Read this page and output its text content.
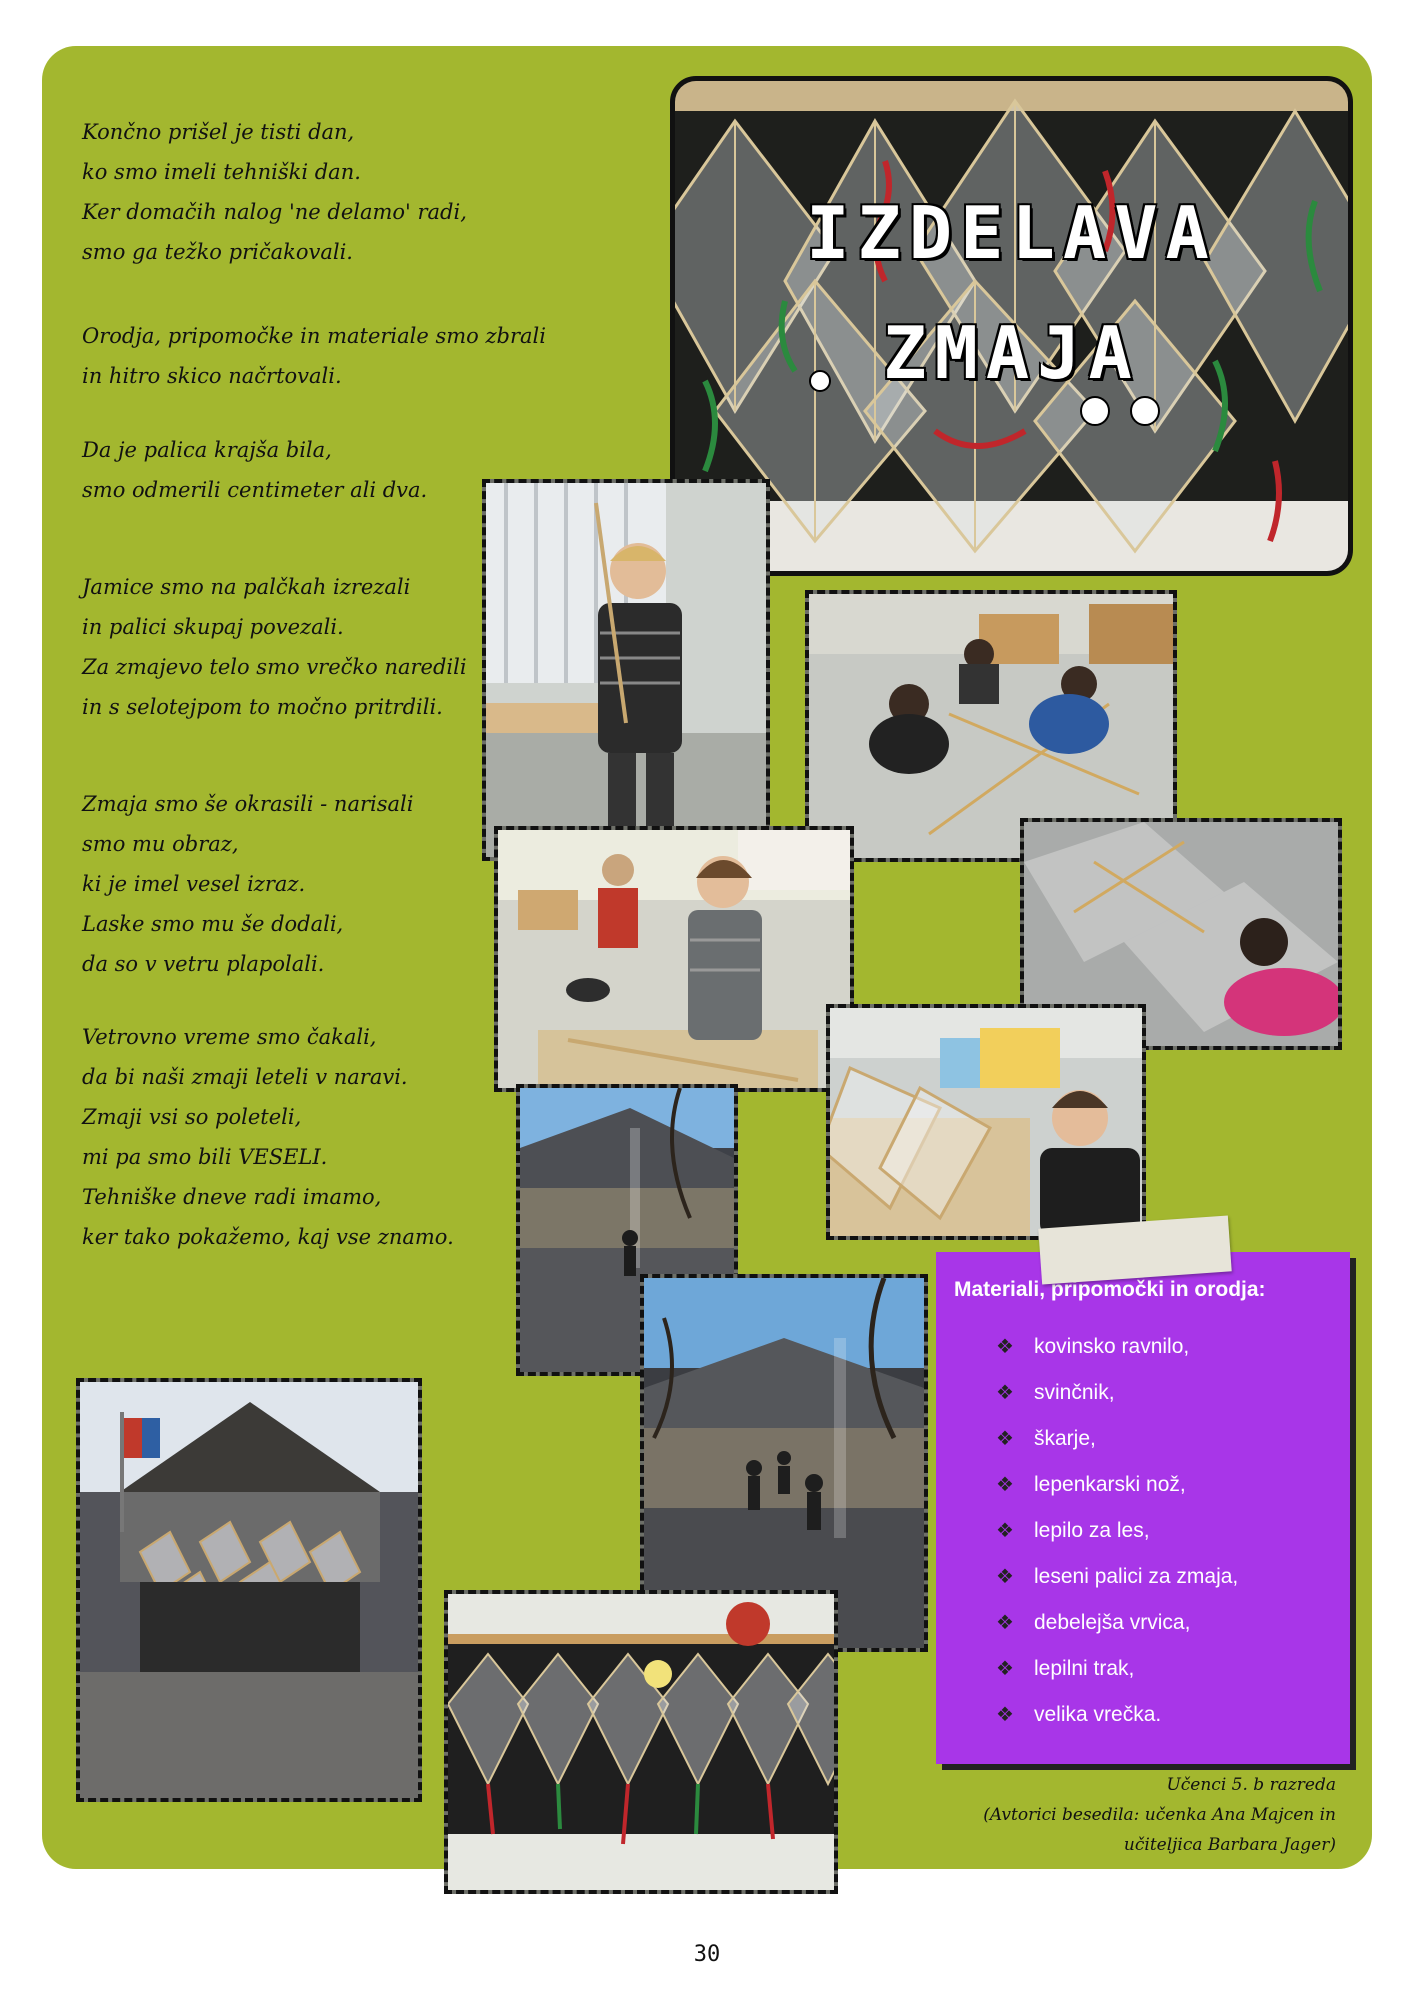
Končno prišel je tisti dan,

ko smo imeli tehniški dan.

Ker domačih nalog 'ne delamo' radi,

smo ga težko pričakovali.

Orodja, pripomočke in materiale smo zbrali

in hitro skico načrtovali.

Da je palica krajša bila,

smo odmerili centimeter ali dva.

Jamice smo na palčkah izrezali

in palici skupaj povezali.

Za zmajevo telo smo vrečko naredili

in s selotejpom to močno pritrdili.

Zmaja smo še okrasili - narisali

smo mu obraz,

ki je imel vesel izraz.

Laske smo mu še dodali,

da so v vetru plapolali.

Vetrovno vreme smo čakali,

da bi naši zmaji leteli v naravi.

Zmaji vsi so poleteli,

mi pa smo bili VESELI.

Tehniške dneve radi imamo,

ker tako pokažemo, kaj vse znamo.

IZDELAVA
ZMAJA
Materiali, pripomočki in orodja:
❖ kovinsko ravnilo,
❖ svinčnik,
❖ škarje,
❖ lepenkarski nož,
❖ lepilo za les,
❖ leseni palici za zmaja,
❖ debelejša vrvica,
❖ lepilni trak,
❖ velika vrečka.

Učenci 5. b razreda

(Avtorici besedila: učenka Ana Majcen in

učiteljica Barbara Jager)

30
